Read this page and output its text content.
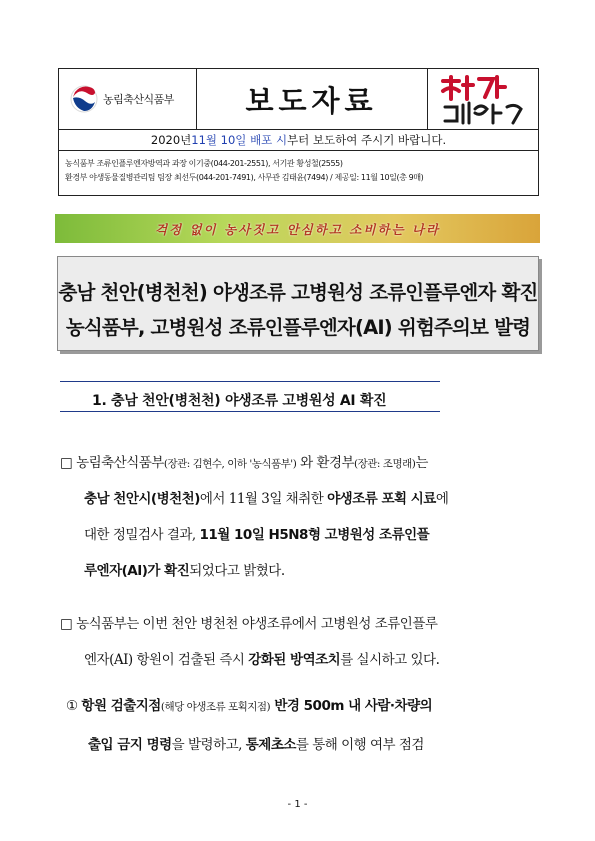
농림축산식품부 보도자료
2020년 11월 10일 배포 시 부터 보도하여 주시기 바랍니다.
농식품부 조류인플루엔자방역과 과장 이기중(044-201-2551), 서기관 황성철(2555)
환경부 야생동물질병관리팀 팀장 최선두(044-201-7491), 사무관 김태윤(7494) / 제공일: 11월 10일(총 9매)
걱정 없이 농사짓고 안심하고 소비하는 나라
충남 천안(병천천) 야생조류 고병원성 조류인플루엔자 확진
농식품부, 고병원성 조류인플루엔자(AI) 위험주의보 발령
1. 충남 천안(병천천) 야생조류 고병원성 AI 확진
□ 농림축산식품부(장관: 김현수, 이하 '농식품부') 와 환경부(장관: 조명래)는
충남 천안시(병천천)에서 11월 3일 채취한 야생조류 포획 시료에
대한 정밀검사 결과, 11월 10일 H5N8형 고병원성 조류인플
루엔자(AI)가 확진되었다고 밝혔다.
□ 농식품부는 이번 천안 병천천 야생조류에서 고병원성 조류인플루
엔자(AI) 항원이 검출된 즉시 강화된 방역조치를 실시하고 있다.
① 항원 검출지점(해당 야생조류 포획지점) 반경 500m 내 사람·차량의
출입 금지 명령을 발령하고, 통제초소를 통해 이행 여부 점검
- 1 -
